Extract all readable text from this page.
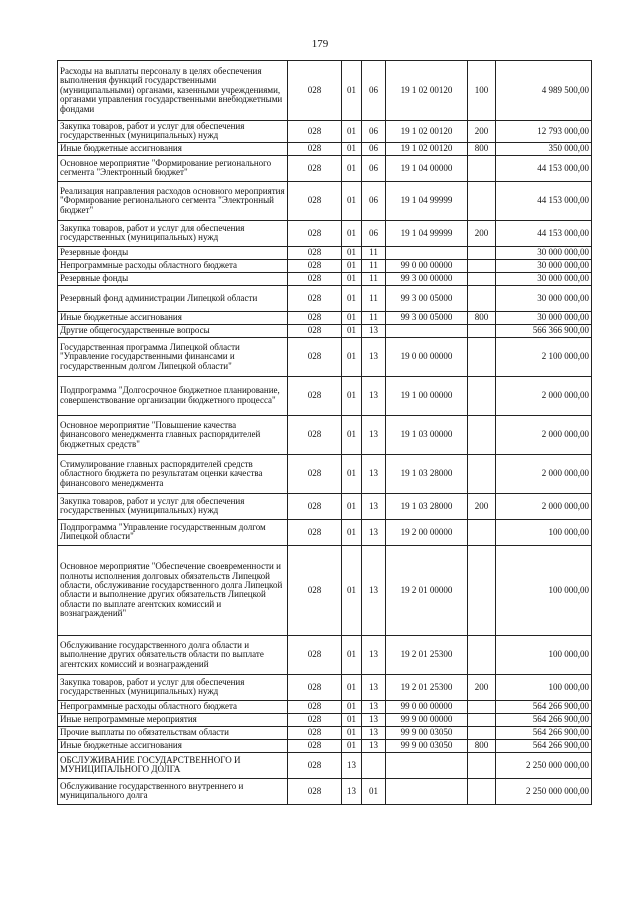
179
Расходы на выплаты персоналу в целях обеспечения выполнения функций государственными (муниципальными) органами, казенными учреждениями, органами управления государственными внебюджетными фондами	028	01	06	19 1 02 00120	100	4 989 500,00
Закупка товаров, работ и услуг для обеспечения государственных (муниципальных) нужд	028	01	06	19 1 02 00120	200	12 793 000,00
Иные бюджетные ассигнования	028	01	06	19 1 02 00120	800	350 000,00
Основное мероприятие "Формирование регионального сегмента "Электронный бюджет"	028	01	06	19 1 04 00000		44 153 000,00
Реализация направления расходов основного мероприятия "Формирование регионального сегмента "Электронный бюджет"	028	01	06	19 1 04 99999		44 153 000,00
Закупка товаров, работ и услуг для обеспечения государственных (муниципальных) нужд	028	01	06	19 1 04 99999	200	44 153 000,00
Резервные фонды	028	01	11			30 000 000,00
Непрограммные расходы областного бюджета	028	01	11	99 0 00 00000		30 000 000,00
Резервные фонды	028	01	11	99 3 00 00000		30 000 000,00
Резервный фонд администрации Липецкой области	028	01	11	99 3 00 05000		30 000 000,00
Иные бюджетные ассигнования	028	01	11	99 3 00 05000	800	30 000 000,00
Другие общегосударственные вопросы	028	01	13			566 366 900,00
Государственная программа Липецкой области "Управление государственными финансами и государственным долгом Липецкой области"	028	01	13	19 0 00 00000		2 100 000,00
Подпрограмма "Долгосрочное бюджетное планирование, совершенствование организации бюджетного процесса"	028	01	13	19 1 00 00000		2 000 000,00
Основное мероприятие "Повышение качества финансового менеджмента главных распорядителей бюджетных средств"	028	01	13	19 1 03 00000		2 000 000,00
Стимулирование главных распорядителей средств областного бюджета по результатам оценки качества финансового менеджмента	028	01	13	19 1 03 28000		2 000 000,00
Закупка товаров, работ и услуг для обеспечения государственных (муниципальных) нужд	028	01	13	19 1 03 28000	200	2 000 000,00
Подпрограмма "Управление государственным долгом Липецкой области"	028	01	13	19 2 00 00000		100 000,00
Основное мероприятие "Обеспечение своевременности и полноты исполнения долговых обязательств Липецкой области, обслуживание государственного долга Липецкой области и выполнение других обязательств Липецкой области по выплате агентских комиссий и вознаграждений"	028	01	13	19 2 01 00000		100 000,00
Обслуживание государственного долга области и выполнение других обязательств области по выплате агентских комиссий и вознаграждений	028	01	13	19 2 01 25300		100 000,00
Закупка товаров, работ и услуг для обеспечения государственных (муниципальных) нужд	028	01	13	19 2 01 25300	200	100 000,00
Непрограммные расходы областного бюджета	028	01	13	99 0 00 00000		564 266 900,00
Иные непрограммные мероприятия	028	01	13	99 9 00 00000		564 266 900,00
Прочие выплаты по обязательствам области	028	01	13	99 9 00 03050		564 266 900,00
Иные бюджетные ассигнования	028	01	13	99 9 00 03050	800	564 266 900,00
ОБСЛУЖИВАНИЕ ГОСУДАРСТВЕННОГО И МУНИЦИПАЛЬНОГО ДОЛГА	028	13				2 250 000 000,00
Обслуживание государственного внутреннего и муниципального долга	028	13	01			2 250 000 000,00
